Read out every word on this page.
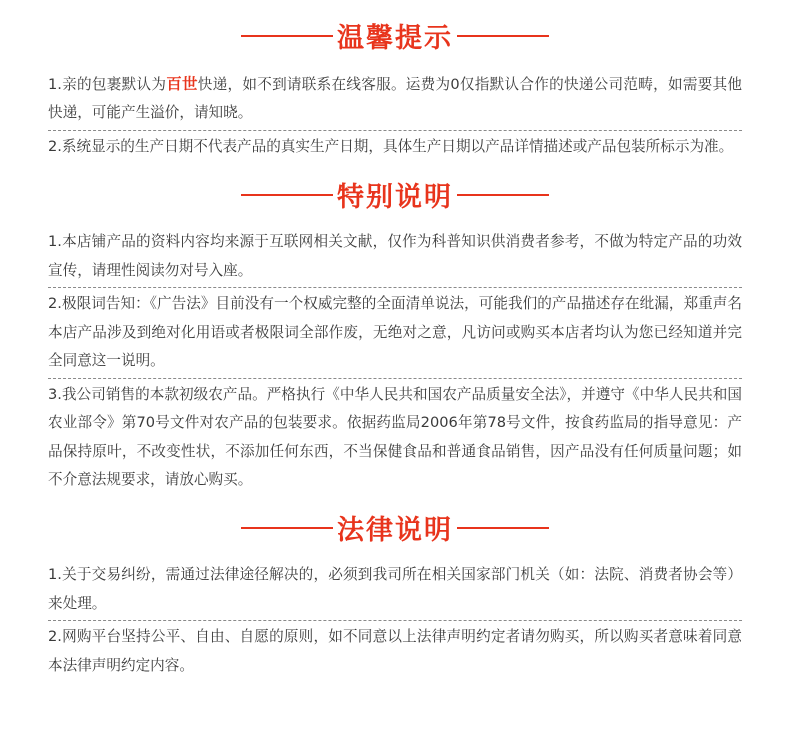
温馨提示

1.亲的包裹默认为百世快递，如不到请联系在线客服。运费为0仅指默认合作的快递公司范畴，如需要其他快递，可能产生溢价，请知晓。

2.系统显示的生产日期不代表产品的真实生产日期，具体生产日期以产品详情描述或产品包装所标示为准。

特别说明

1.本店铺产品的资料内容均来源于互联网相关文献，仅作为科普知识供消费者参考，不做为特定产品的功效宣传，请理性阅读勿对号入座。

2.极限词告知：《广告法》目前没有一个权威完整的全面清单说法，可能我们的产品描述存在纰漏，郑重声名本店产品涉及到绝对化用语或者极限词全部作废，无绝对之意，凡访问或购买本店者均认为您已经知道并完全同意这一说明。

3.我公司销售的本款初级农产品。严格执行《中华人民共和国农产品质量安全法》，并遵守《中华人民共和国农业部令》第70号文件对农产品的包装要求。依据药监局2006年第78号文件，按食药监局的指导意见：产品保持原叶，不改变性状，不添加任何东西，不当保健食品和普通食品销售，因产品没有任何质量问题；如不介意法规要求，请放心购买。

法律说明

1.关于交易纠纷，需通过法律途径解决的，必须到我司所在相关国家部门机关（如：法院、消费者协会等）来处理。

2.网购平台坚持公平、自由、自愿的原则，如不同意以上法律声明约定者请勿购买，所以购买者意味着同意本法律声明约定内容。
